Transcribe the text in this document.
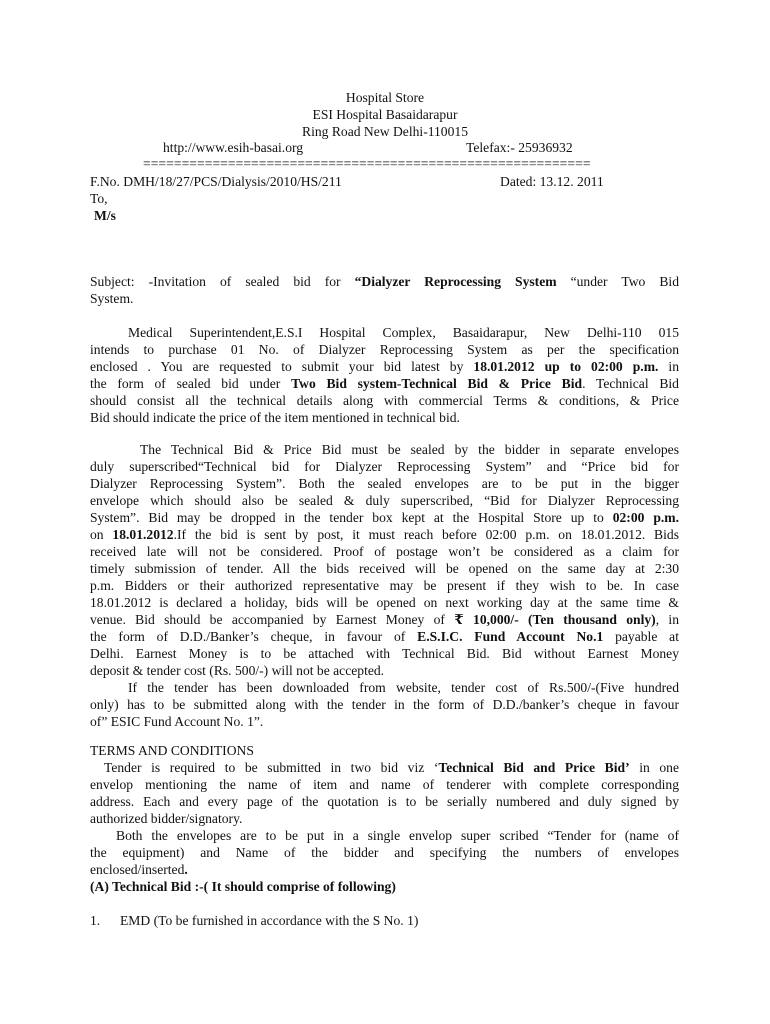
Hospital Store
ESI Hospital Basaidarapur
Ring Road New Delhi-110015
http://www.esih-basai.org	Telefax:- 25936932
==========================================================
F.No. DMH/18/27/PCS/Dialysis/2010/HS/211	Dated: 13.12. 2011
To,
M/s
Subject: -Invitation of sealed bid for “Dialyzer Reprocessing System “under Two Bid
System.
Medical Superintendent,E.S.I Hospital Complex, Basaidarapur, New Delhi-110 015
intends to purchase 01 No. of Dialyzer Reprocessing System as per the specification
enclosed . You are requested to submit your bid latest by 18.01.2012 up to 02:00 p.m. in
the form of sealed bid under Two Bid system-Technical Bid & Price Bid. Technical Bid
should consist all the technical details along with commercial Terms & conditions, & Price
Bid should indicate the price of the item mentioned in technical bid.
The Technical Bid & Price Bid must be sealed by the bidder in separate envelopes
duly superscribed“Technical bid for Dialyzer Reprocessing System” and “Price bid for
Dialyzer Reprocessing System”. Both the sealed envelopes are to be put in the bigger
envelope which should also be sealed & duly superscribed, “Bid for Dialyzer Reprocessing
System”. Bid may be dropped in the tender box kept at the Hospital Store up to 02:00 p.m.
on 18.01.2012.If the bid is sent by post, it must reach before 02:00 p.m. on 18.01.2012. Bids
received late will not be considered. Proof of postage won’t be considered as a claim for
timely submission of tender. All the bids received will be opened on the same day at 2:30
p.m. Bidders or their authorized representative may be present if they wish to be. In case
18.01.2012 is declared a holiday, bids will be opened on next working day at the same time &
venue. Bid should be accompanied by Earnest Money of ₹ 10,000/- (Ten thousand only), in
the form of D.D./Banker’s cheque, in favour of E.S.I.C. Fund Account No.1 payable at
Delhi. Earnest Money is to be attached with Technical Bid. Bid without Earnest Money
deposit & tender cost (Rs. 500/-) will not be accepted.
If the tender has been downloaded from website, tender cost of Rs.500/-(Five hundred
only) has to be submitted along with the tender in the form of D.D./banker’s cheque in favour
of” ESIC Fund Account No. 1”.
TERMS AND CONDITIONS
Tender is required to be submitted in two bid viz ‘Technical Bid and Price Bid’ in one
envelop mentioning the name of item and name of tenderer with complete corresponding
address. Each and every page of the quotation is to be serially numbered and duly signed by
authorized bidder/signatory.
Both the envelopes are to be put in a single envelop super scribed “Tender for (name of
the equipment) and Name of the bidder and specifying the numbers of envelopes
enclosed/inserted.
(A) Technical Bid :-( It should comprise of following)
1. EMD (To be furnished in accordance with the S No. 1)
